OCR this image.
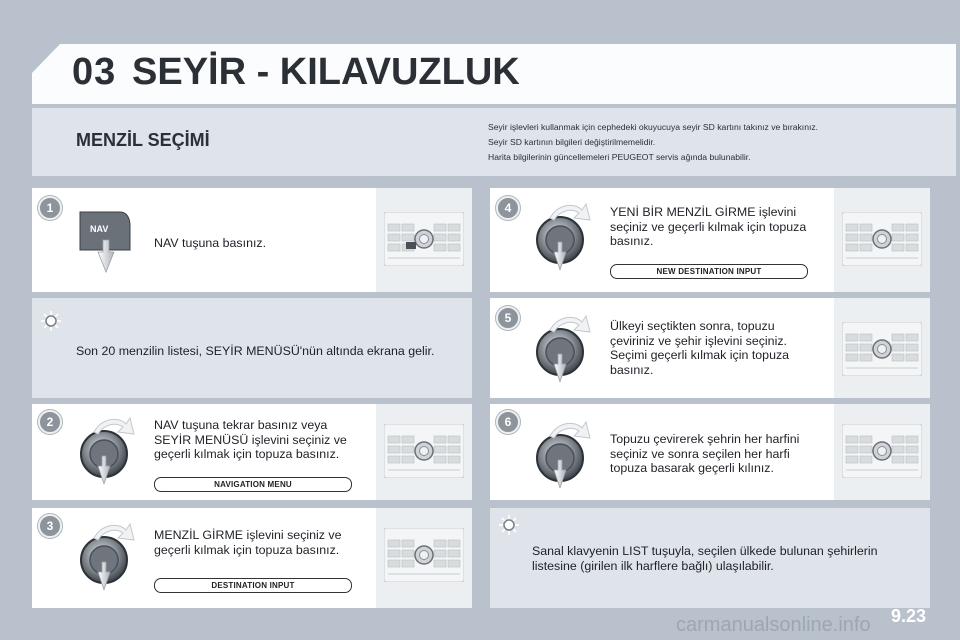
03 SEYİR - KILAVUZLUK
MENZİL SEÇİMİ
Seyir işlevleri kullanmak için cephedeki okuyucuya seyir SD kartını takınız ve bırakınız.
Seyir SD kartının bilgileri değiştirilmemelidir.
Harita bilgilerinin güncellemeleri PEUGEOT servis ağında bulunabilir.
1
NAV
NAV tuşuna basınız.
Son 20 menzilin listesi, SEYİR MENÜSÜ'nün altında ekrana gelir.
2	NAV tuşuna tekrar basınız veya SEYİR MENÜSÜ işlevini seçiniz ve geçerli kılmak için topuza basınız.
NAVIGATION MENU
3
MENZİL GİRME işlevini seçiniz ve geçerli kılmak için topuza basınız.
DESTINATION INPUT
4	YENİ BİR MENZİL GİRME işlevini seçiniz ve geçerli kılmak için topuza basınız.
NEW DESTINATION INPUT
5
Ülkeyi seçtikten sonra, topuzu çeviriniz ve şehir işlevini seçiniz. Seçimi geçerli kılmak için topuza basınız.
6
Topuzu çevirerek şehrin her harfini seçiniz ve sonra seçilen her harfi topuza basarak geçerli kılınız.
Sanal klavyenin LIST tuşuyla, seçilen ülkede bulunan şehirlerin listesine (girilen ilk harflere bağlı) ulaşılabilir.
9.23
carmanualsonline.info
